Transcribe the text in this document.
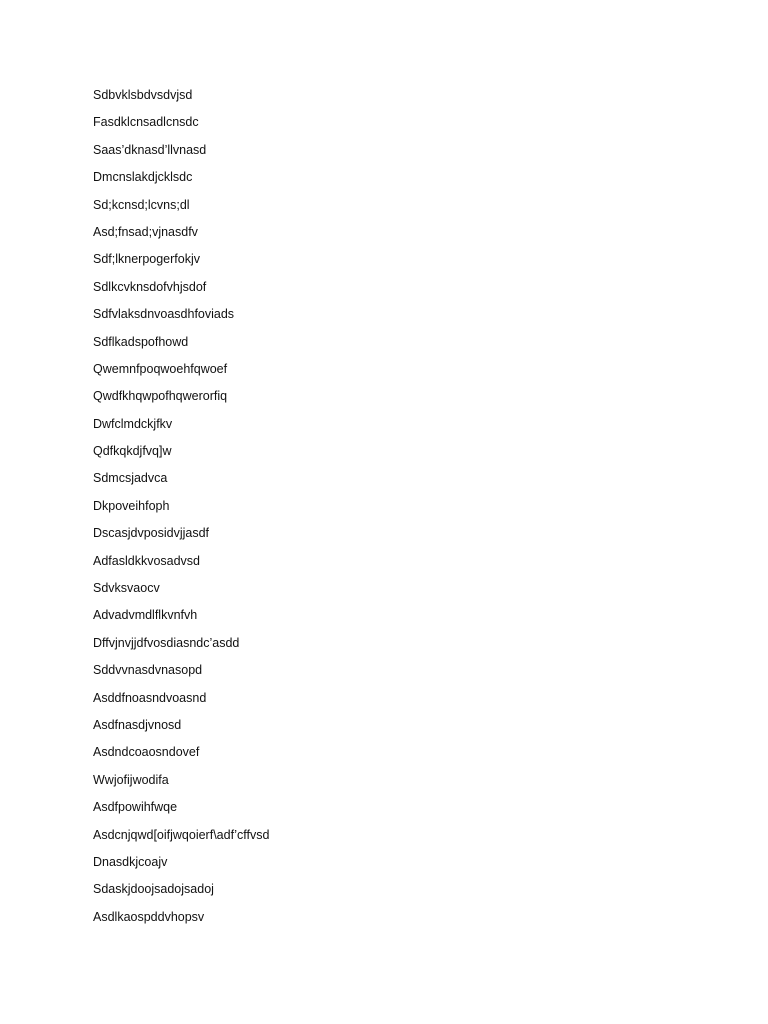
Sdbvklsbdvsdvjsd
Fasdklcnsadlcnsdc
Saas’dknasd’llvnasd
Dmcnslakdjcklsdc
Sd;kcnsd;lcvns;dl
Asd;fnsad;vjnasdfv
Sdf;lknerpogerfokjv
Sdlkcvknsdofvhjsdof
Sdfvlaksdnvoasdhfoviads
Sdflkadspofhowd
Qwemnfpoqwoehfqwoef
Qwdfkhqwpofhqwerorfiq
Dwfclmdckjfkv
Qdfkqkdjfvq]w
Sdmcsjadvca
Dkpoveihfoph
Dscasjdvposidvjjasdf
Adfasldkkvosadvsd
Sdvksvaocv
Advadvmdlflkvnfvh
Dffvjnvjjdfvosdiasndc’asdd
Sddvvnasdvnasopd
Asddfnoasndvoasnd
Asdfnasdjvnosd
Asdndcoaosndovef
Wwjofijwodifa
Asdfpowihfwqe
Asdcnjqwd[oifjwqoierf\adf’cffvsd
Dnasdkjcoajv
Sdaskjdoojsadojsadoj
Asdlkaospddvhopsv
